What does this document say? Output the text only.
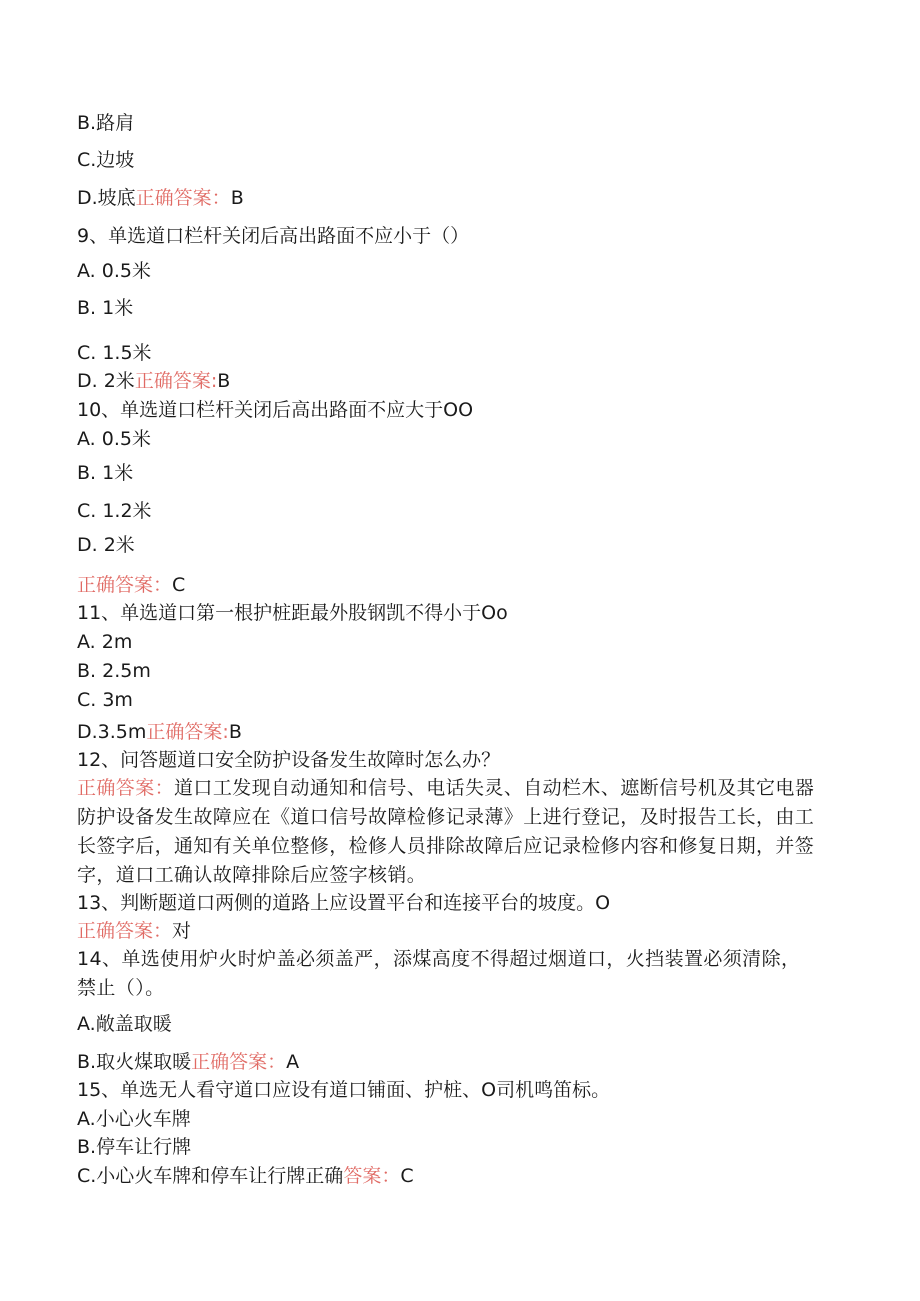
B.路肩
C.边坡
D.坡底正确答案：B
9、单选道口栏杆关闭后高出路面不应小于（）
A. 0.5米
B. 1米
C. 1.5米
D. 2米正确答案:B
10、单选道口栏杆关闭后高出路面不应大于OO
A. 0.5米
B. 1米
C. 1.2米
D. 2米
正确答案：C
11、单选道口第一根护桩距最外股钢凯不得小于Oo
A. 2m
B. 2.5m
C. 3m
D.3.5m正确答案:B
12、问答题道口安全防护设备发生故障时怎么办？
正确答案：道口工发现自动通知和信号、电话失灵、自动栏木、遮断信号机及其它电器防护设备发生故障应在《道口信号故障检修记录薄》上进行登记，及时报告工长，由工长签字后，通知有关单位整修，检修人员排除故障后应记录检修内容和修复日期，并签字，道口工确认故障排除后应签字核销。
13、判断题道口两侧的道路上应设置平台和连接平台的坡度。O
正确答案：对
14、单选使用炉火时炉盖必须盖严，添煤高度不得超过烟道口，火挡装置必须清除，禁止（）。
A.敞盖取暖
B.取火煤取暖正确答案：A
15、单选无人看守道口应设有道口铺面、护桩、O司机鸣笛标。
A.小心火车牌
B.停车让行牌
C.小心火车牌和停车让行牌正确答案：C
